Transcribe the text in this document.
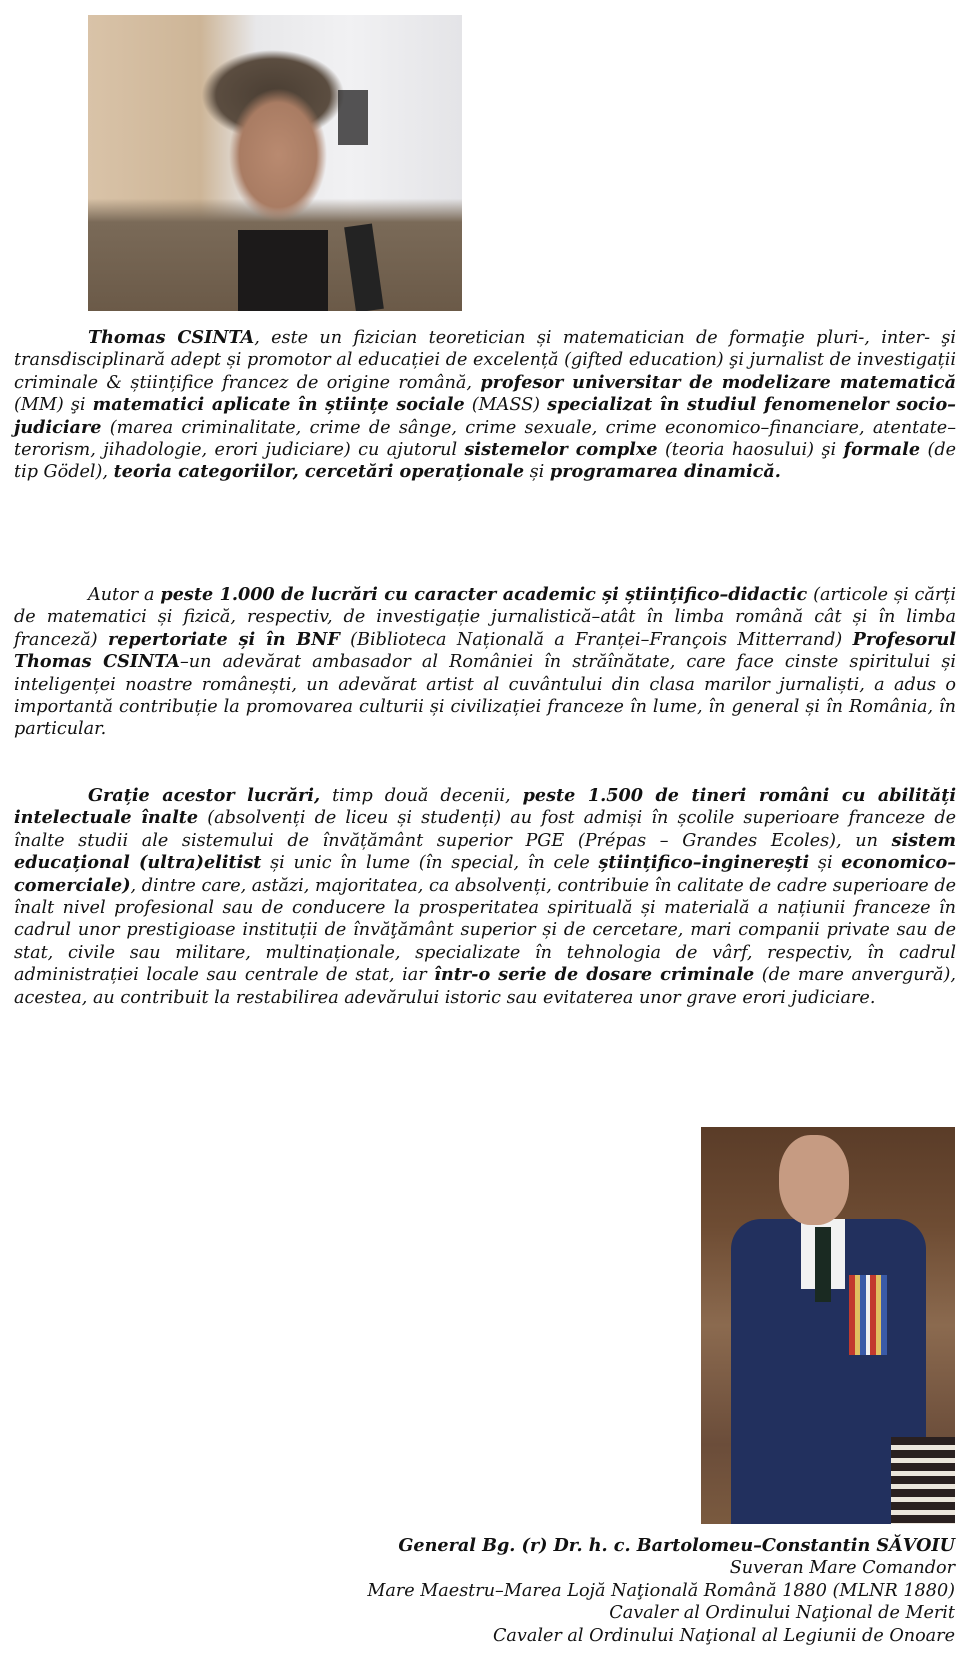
Thomas CSINTA, este un fizician teoretician și matematician de formaţie pluri-, inter- şi transdisciplinară adept și promotor al educației de excelență (gifted education) şi jurnalist de investigații criminale & științifice francez de origine română, profesor universitar de modelizare matematică (MM) şi matematici aplicate în științe sociale (MASS) specializat în studiul fenomenelor socio–judiciare (marea criminalitate, crime de sânge, crime sexuale, crime economico–financiare, atentate–terorism, jihadologie, erori judiciare) cu ajutorul sistemelor complxe (teoria haosului) şi formale (de tip Gödel), teoria categoriilor, cercetări operaționale și programarea dinamică.

Autor a peste 1.000 de lucrări cu caracter academic și științifico–didactic (articole și cărți de matematici și fizică, respectiv, de investigație jurnalistică–atât în limba română cât și în limba franceză) repertoriate și în BNF (Biblioteca Națională a Franței–François Mitterrand) Profesorul Thomas CSINTA–un adevărat ambasador al României în străînătate, care face cinste spiritului și inteligenței noastre românești, un adevărat artist al cuvântului din clasa marilor jurnaliști, a adus o importantă contribuție la promovarea culturii și civilizației franceze în lume, în general și în România, în particular.

Grație acestor lucrări, timp două decenii, peste 1.500 de tineri români cu abilități intelectuale înalte (absolvenți de liceu și studenți) au fost admiși în școlile superioare franceze de înalte studii ale sistemului de învățământ superior PGE (Prépas – Grandes Ecoles), un sistem educațional (ultra)elitist și unic în lume (în special, în cele științifico–inginerești și economico–comerciale), dintre care, astăzi, majoritatea, ca absolvenți, contribuie în calitate de cadre superioare de înalt nivel profesional sau de conducere la prosperitatea spirituală și materială a națiunii franceze în cadrul unor prestigioase instituții de învăţământ superior și de cercetare, mari companii private sau de stat, civile sau militare, multinaționale, specializate în tehnologia de vârf, respectiv, în cadrul administrației locale sau centrale de stat, iar într-o serie de dosare criminale (de mare anvergură), acestea, au contribuit la restabilirea adevărului istoric sau evitaterea unor grave erori judiciare.

General Bg. (r) Dr. h. c. Bartolomeu–Constantin SĂVOIU
Suveran Mare Comandor
Mare Maestru–Marea Lojă Naţională Română 1880 (MLNR 1880)
Cavaler al Ordinului Naţional de Merit
Cavaler al Ordinului Naţional al Legiunii de Onoare
